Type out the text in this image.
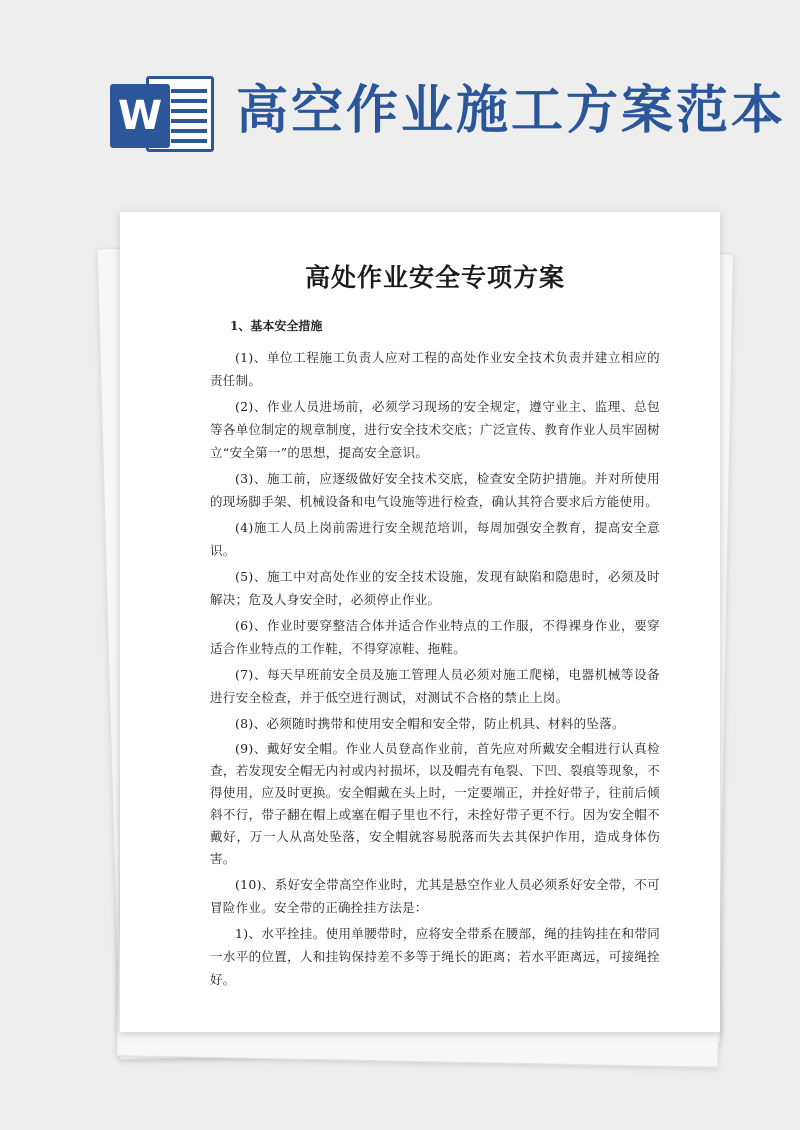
W 高空作业施工方案范本
高处作业安全专项方案
1、基本安全措施

(1)、单位工程施工负责人应对工程的高处作业安全技术负责并建立相应的责任制。

(2)、作业人员进场前，必须学习现场的安全规定，遵守业主、监理、总包等各单位制定的规章制度，进行安全技术交底；广泛宣传、教育作业人员牢固树立“安全第一”的思想，提高安全意识。

(3)、施工前，应逐级做好安全技术交底，检查安全防护措施。并对所使用的现场脚手架、机械设备和电气设施等进行检查，确认其符合要求后方能使用。

(4)施工人员上岗前需进行安全规范培训，每周加强安全教育，提高安全意识。

(5)、施工中对高处作业的安全技术设施，发现有缺陷和隐患时，必须及时解决；危及人身安全时，必须停止作业。

(6)、作业时要穿整洁合体并适合作业特点的工作服，不得裸身作业，要穿适合作业特点的工作鞋，不得穿凉鞋、拖鞋。

(7)、每天早班前安全员及施工管理人员必须对施工爬梯，电器机械等设备进行安全检查，并于低空进行测试，对测试不合格的禁止上岗。

(8)、必须随时携带和使用安全帽和安全带，防止机具、材料的坠落。

(9)、戴好安全帽。作业人员登高作业前，首先应对所戴安全帽进行认真检查，若发现安全帽无内衬或内衬损坏，以及帽壳有龟裂、下凹、裂痕等现象，不得使用，应及时更换。安全帽戴在头上时，一定要端正，并拴好带子，往前后倾斜不行，带子翻在帽上或塞在帽子里也不行，未拴好带子更不行。因为安全帽不戴好，万一人从高处坠落，安全帽就容易脱落而失去其保护作用，造成身体伤害。

(10)、系好安全带高空作业时，尤其是悬空作业人员必须系好安全带，不可冒险作业。安全带的正确拴挂方法是：

1)、水平拴挂。使用单腰带时，应将安全带系在腰部，绳的挂钩挂在和带同一水平的位置，人和挂钩保持差不多等于绳长的距离；若水平距离远，可接绳拴好。
